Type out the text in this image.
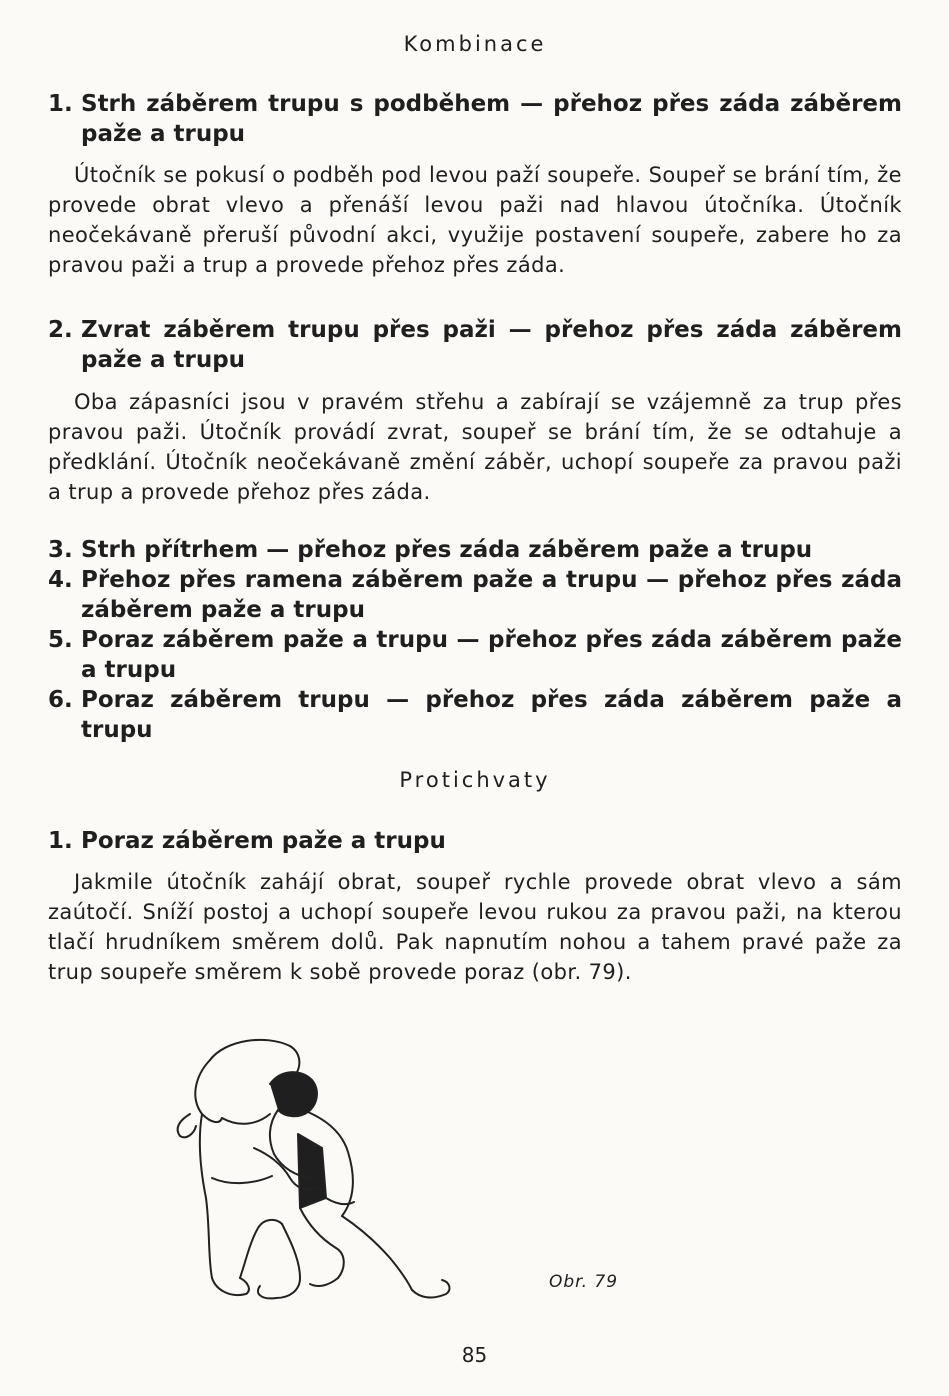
Kombinace
1. Strh záběrem trupu s podběhem — přehoz přes záda záběrem paže a trupu

Útočník se pokusí o podběh pod levou paží soupeře. Soupeř se brání tím, že provede obrat vlevo a přenáší levou paži nad hlavou útočníka. Útočník neočekávaně přeruší původní akci, využije postavení soupeře, zabere ho za pravou paži a trup a provede přehoz přes záda.

2. Zvrat záběrem trupu přes paži — přehoz přes záda záběrem paže a trupu

Oba zápasníci jsou v pravém střehu a zabírají se vzájemně za trup přes pravou paži. Útočník provádí zvrat, soupeř se brání tím, že se odtahuje a předklání. Útočník neočekávaně změní záběr, uchopí soupeře za pravou paži a trup a provede přehoz přes záda.

3. Strh přítrhem — přehoz přes záda záběrem paže a trupu
4. Přehoz přes ramena záběrem paže a trupu — přehoz přes záda záběrem paže a trupu
5. Poraz záběrem paže a trupu — přehoz přes záda záběrem paže a trupu
6. Poraz záběrem trupu — přehoz přes záda záběrem paže a trupu
Protichvaty
1. Poraz záběrem paže a trupu

Jakmile útočník zahájí obrat, soupeř rychle provede obrat vlevo a sám zaútočí. Sníží postoj a uchopí soupeře levou rukou za pravou paži, na kterou tlačí hrudníkem směrem dolů. Pak napnutím nohou a tahem pravé paže za trup soupeře směrem k sobě provede poraz (obr. 79).

Obr. 79
85
